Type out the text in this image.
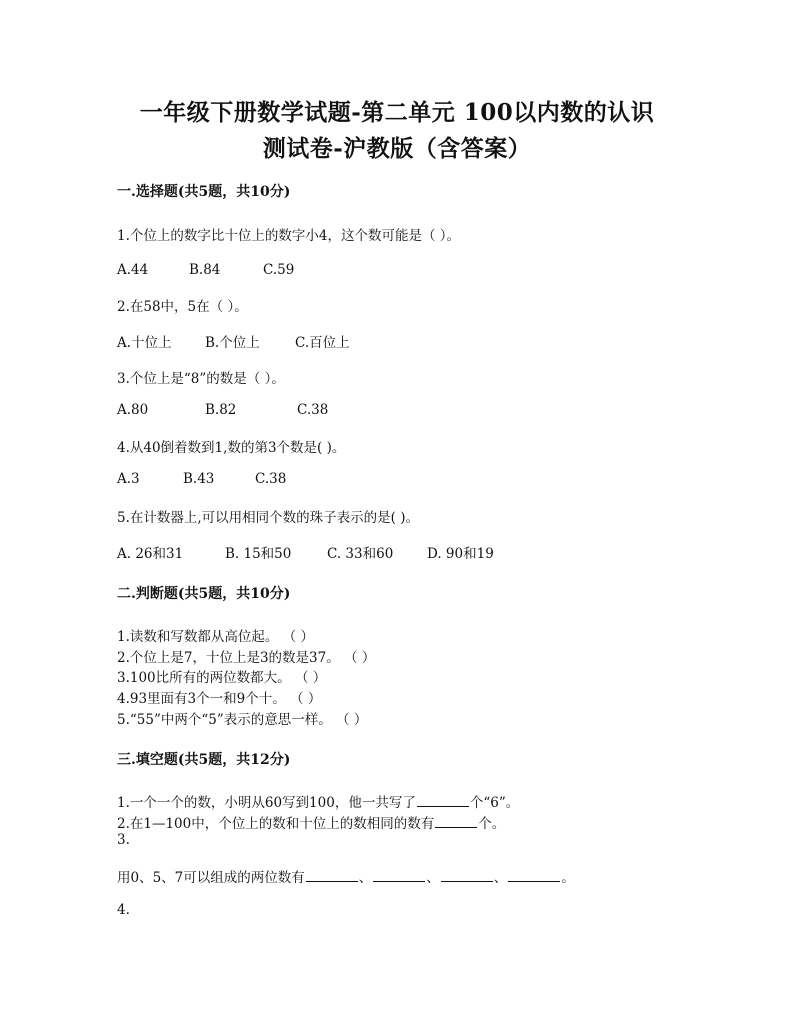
一年级下册数学试题-第二单元 100以内数的认识
测试卷-沪教版（含答案）
一.选择题(共5题，共10分)
1.个位上的数字比十位上的数字小4，这个数可能是（ ）。
A.44	B.84	C.59
2.在58中，5在（ ）。
A.十位上	B.个位上	C.百位上
3.个位上是“8”的数是（ ）。
A.80	B.82	C.38
4.从40倒着数到1,数的第3个数是( )。
A.3	B.43	C.38
5.在计数器上,可以用相同个数的珠子表示的是( )。
A. 26和31	B. 15和50	C. 33和60	D. 90和19
二.判断题(共5题，共10分)
1.读数和写数都从高位起。 （ ）
2.个位上是7，十位上是3的数是37。 （ ）
3.100比所有的两位数都大。 （ ）
4.93里面有3个一和9个十。 （ ）
5.“55”中两个“5”表示的意思一样。 （ ）
三.填空题(共5题，共12分)
1.一个一个的数，小明从60写到100，他一共写了	个“6”。
2.在1—100中，个位上的数和十位上的数相同的数有	个。
3.
用0、5、7可以组成的两位数有	、	、	、	。
4.
